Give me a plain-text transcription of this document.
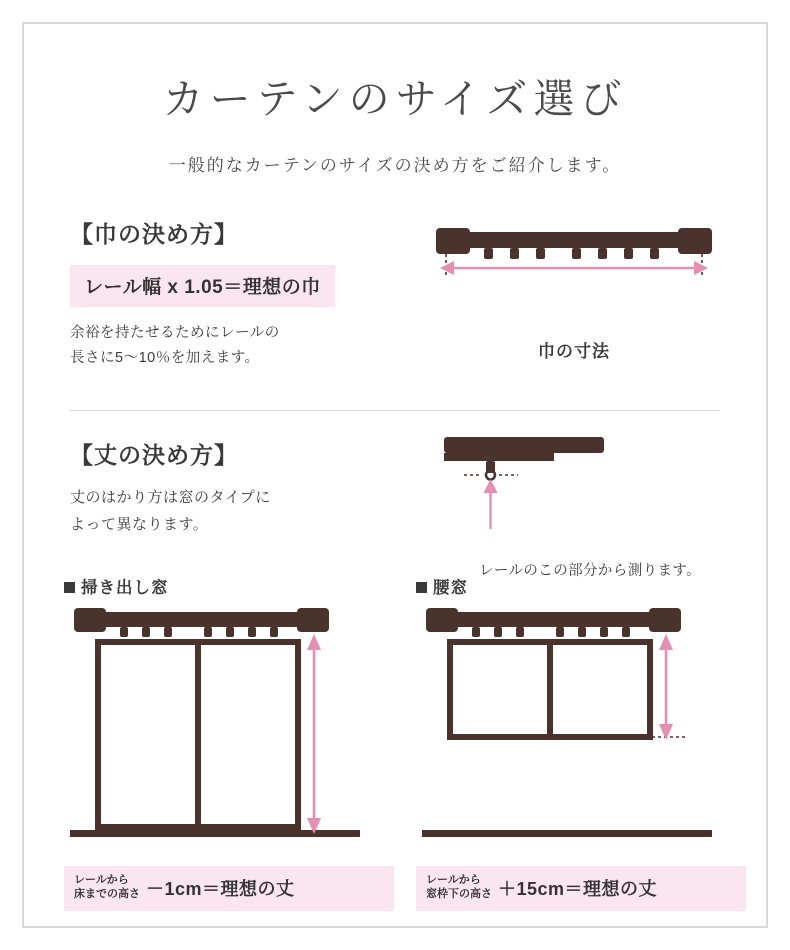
カーテンのサイズ選び

一般的なカーテンのサイズの決め方をご紹介します。

【巾の決め方】
レール幅 x 1.05＝理想の巾
余裕を持たせるためにレールの
長さに5〜10％を加えます。	巾の寸法
【丈の決め方】
丈のはかり方は窓のタイプに
よって異なります。
レールのこの部分から測ります。
掃き出し窓
レールから
床までの高さ －1cm＝理想の丈
腰窓
レールから
窓枠下の高さ ＋15cm＝理想の丈
